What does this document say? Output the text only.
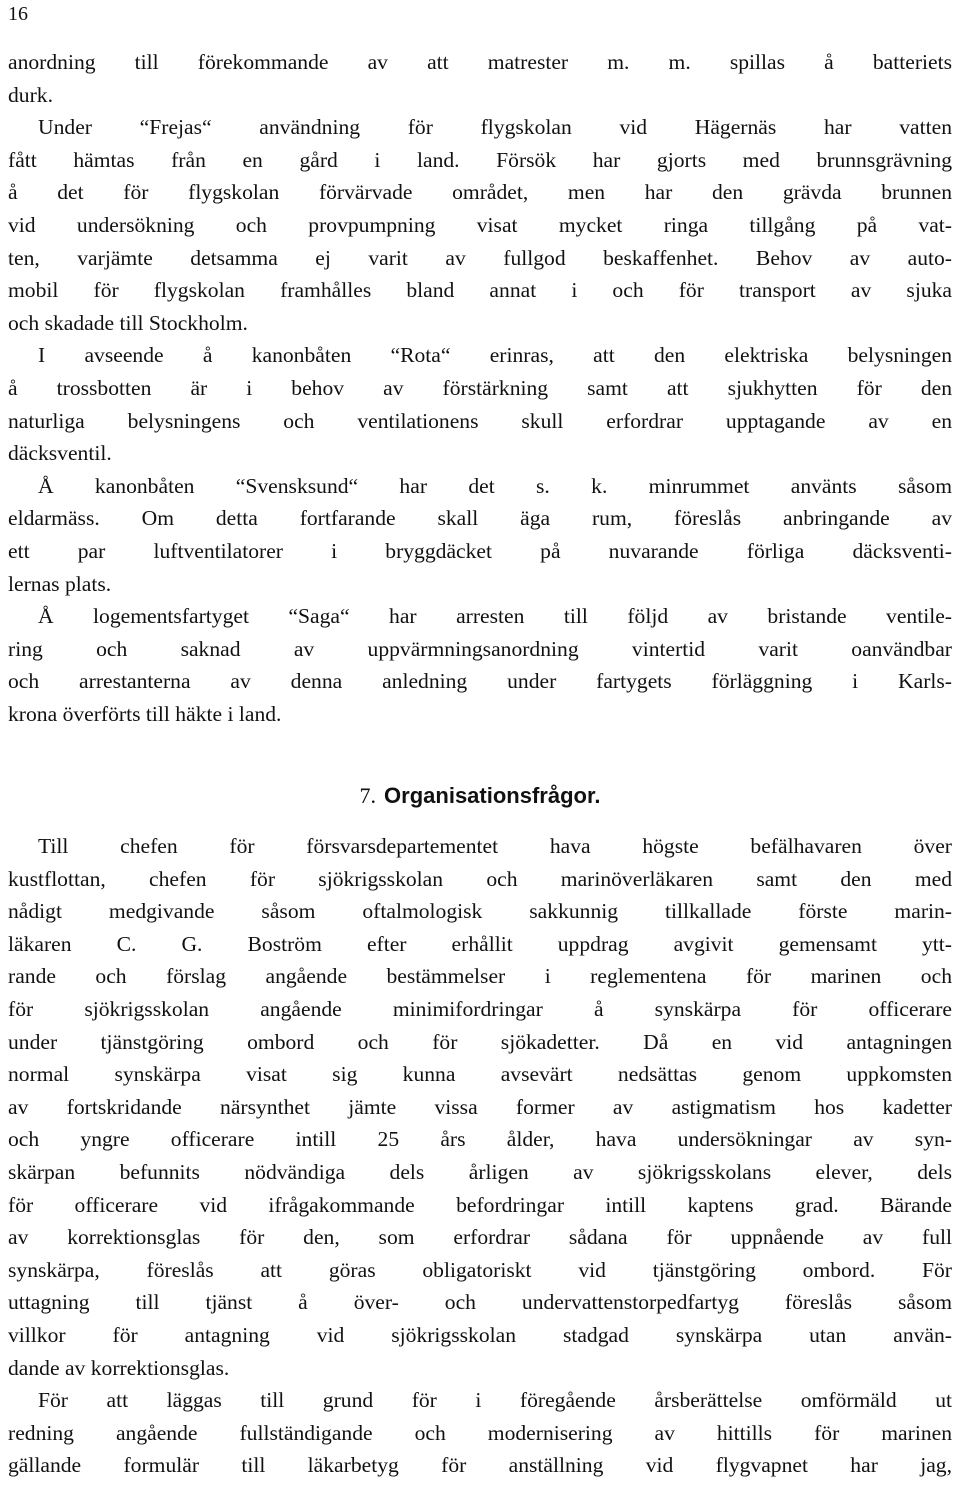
16
anordning till förekommande av att matrester m. m. spillas å batteriets
durk.
Under “Frejas“ användning för flygskolan vid Hägernäs har vatten
fått hämtas från en gård i land. Försök har gjorts med brunnsgrävning
å det för flygskolan förvärvade området, men har den grävda brunnen
vid undersökning och provpumpning visat mycket ringa tillgång på vat-
ten, varjämte detsamma ej varit av fullgod beskaffenhet. Behov av auto-
mobil för flygskolan framhålles bland annat i och för transport av sjuka
och skadade till Stockholm.
I avseende å kanonbåten “Rota“ erinras, att den elektriska belysningen
å trossbotten är i behov av förstärkning samt att sjukhytten för den
naturliga belysningens och ventilationens skull erfordrar upptagande av en
däcksventil.
Å kanonbåten “Svensksund“ har det s. k. minrummet använts såsom
eldarmäss. Om detta fortfarande skall äga rum, föreslås anbringande av
ett par luftventilatorer i bryggdäcket på nuvarande förliga däcksventi-
lernas plats.
Å logementsfartyget “Saga“ har arresten till följd av bristande ventile-
ring och saknad av uppvärmningsanordning vintertid varit oanvändbar
och arrestanterna av denna anledning under fartygets förläggning i Karls-
krona överförts till häkte i land.
7. Organisationsfrågor.
Till chefen för försvarsdepartementet hava högste befälhavaren över
kustflottan, chefen för sjökrigsskolan och marinöverläkaren samt den med
nådigt medgivande såsom oftalmologisk sakkunnig tillkallade förste marin-
läkaren C. G. Boström efter erhållit uppdrag avgivit gemensamt ytt-
rande och förslag angående bestämmelser i reglementena för marinen och
för sjökrigsskolan angående minimifordringar å synskärpa för officerare
under tjänstgöring ombord och för sjökadetter. Då en vid antagningen
normal synskärpa visat sig kunna avsevärt nedsättas genom uppkomsten
av fortskridande närsynthet jämte vissa former av astigmatism hos kadetter
och yngre officerare intill 25 års ålder, hava undersökningar av syn-
skärpan befunnits nödvändiga dels årligen av sjökrigsskolans elever, dels
för officerare vid ifrågakommande befordringar intill kaptens grad. Bärande
av korrektionsglas för den, som erfordrar sådana för uppnående av full
synskärpa, föreslås att göras obligatoriskt vid tjänstgöring ombord. För
uttagning till tjänst å över- och undervattenstorpedfartyg föreslås såsom
villkor för antagning vid sjökrigsskolan stadgad synskärpa utan använ-
dande av korrektionsglas.
För att läggas till grund för i föregående årsberättelse omförmäld ut
redning angående fullständigande och modernisering av hittills för marinen
gällande formulär till läkarbetyg för anställning vid flygvapnet har jag,
